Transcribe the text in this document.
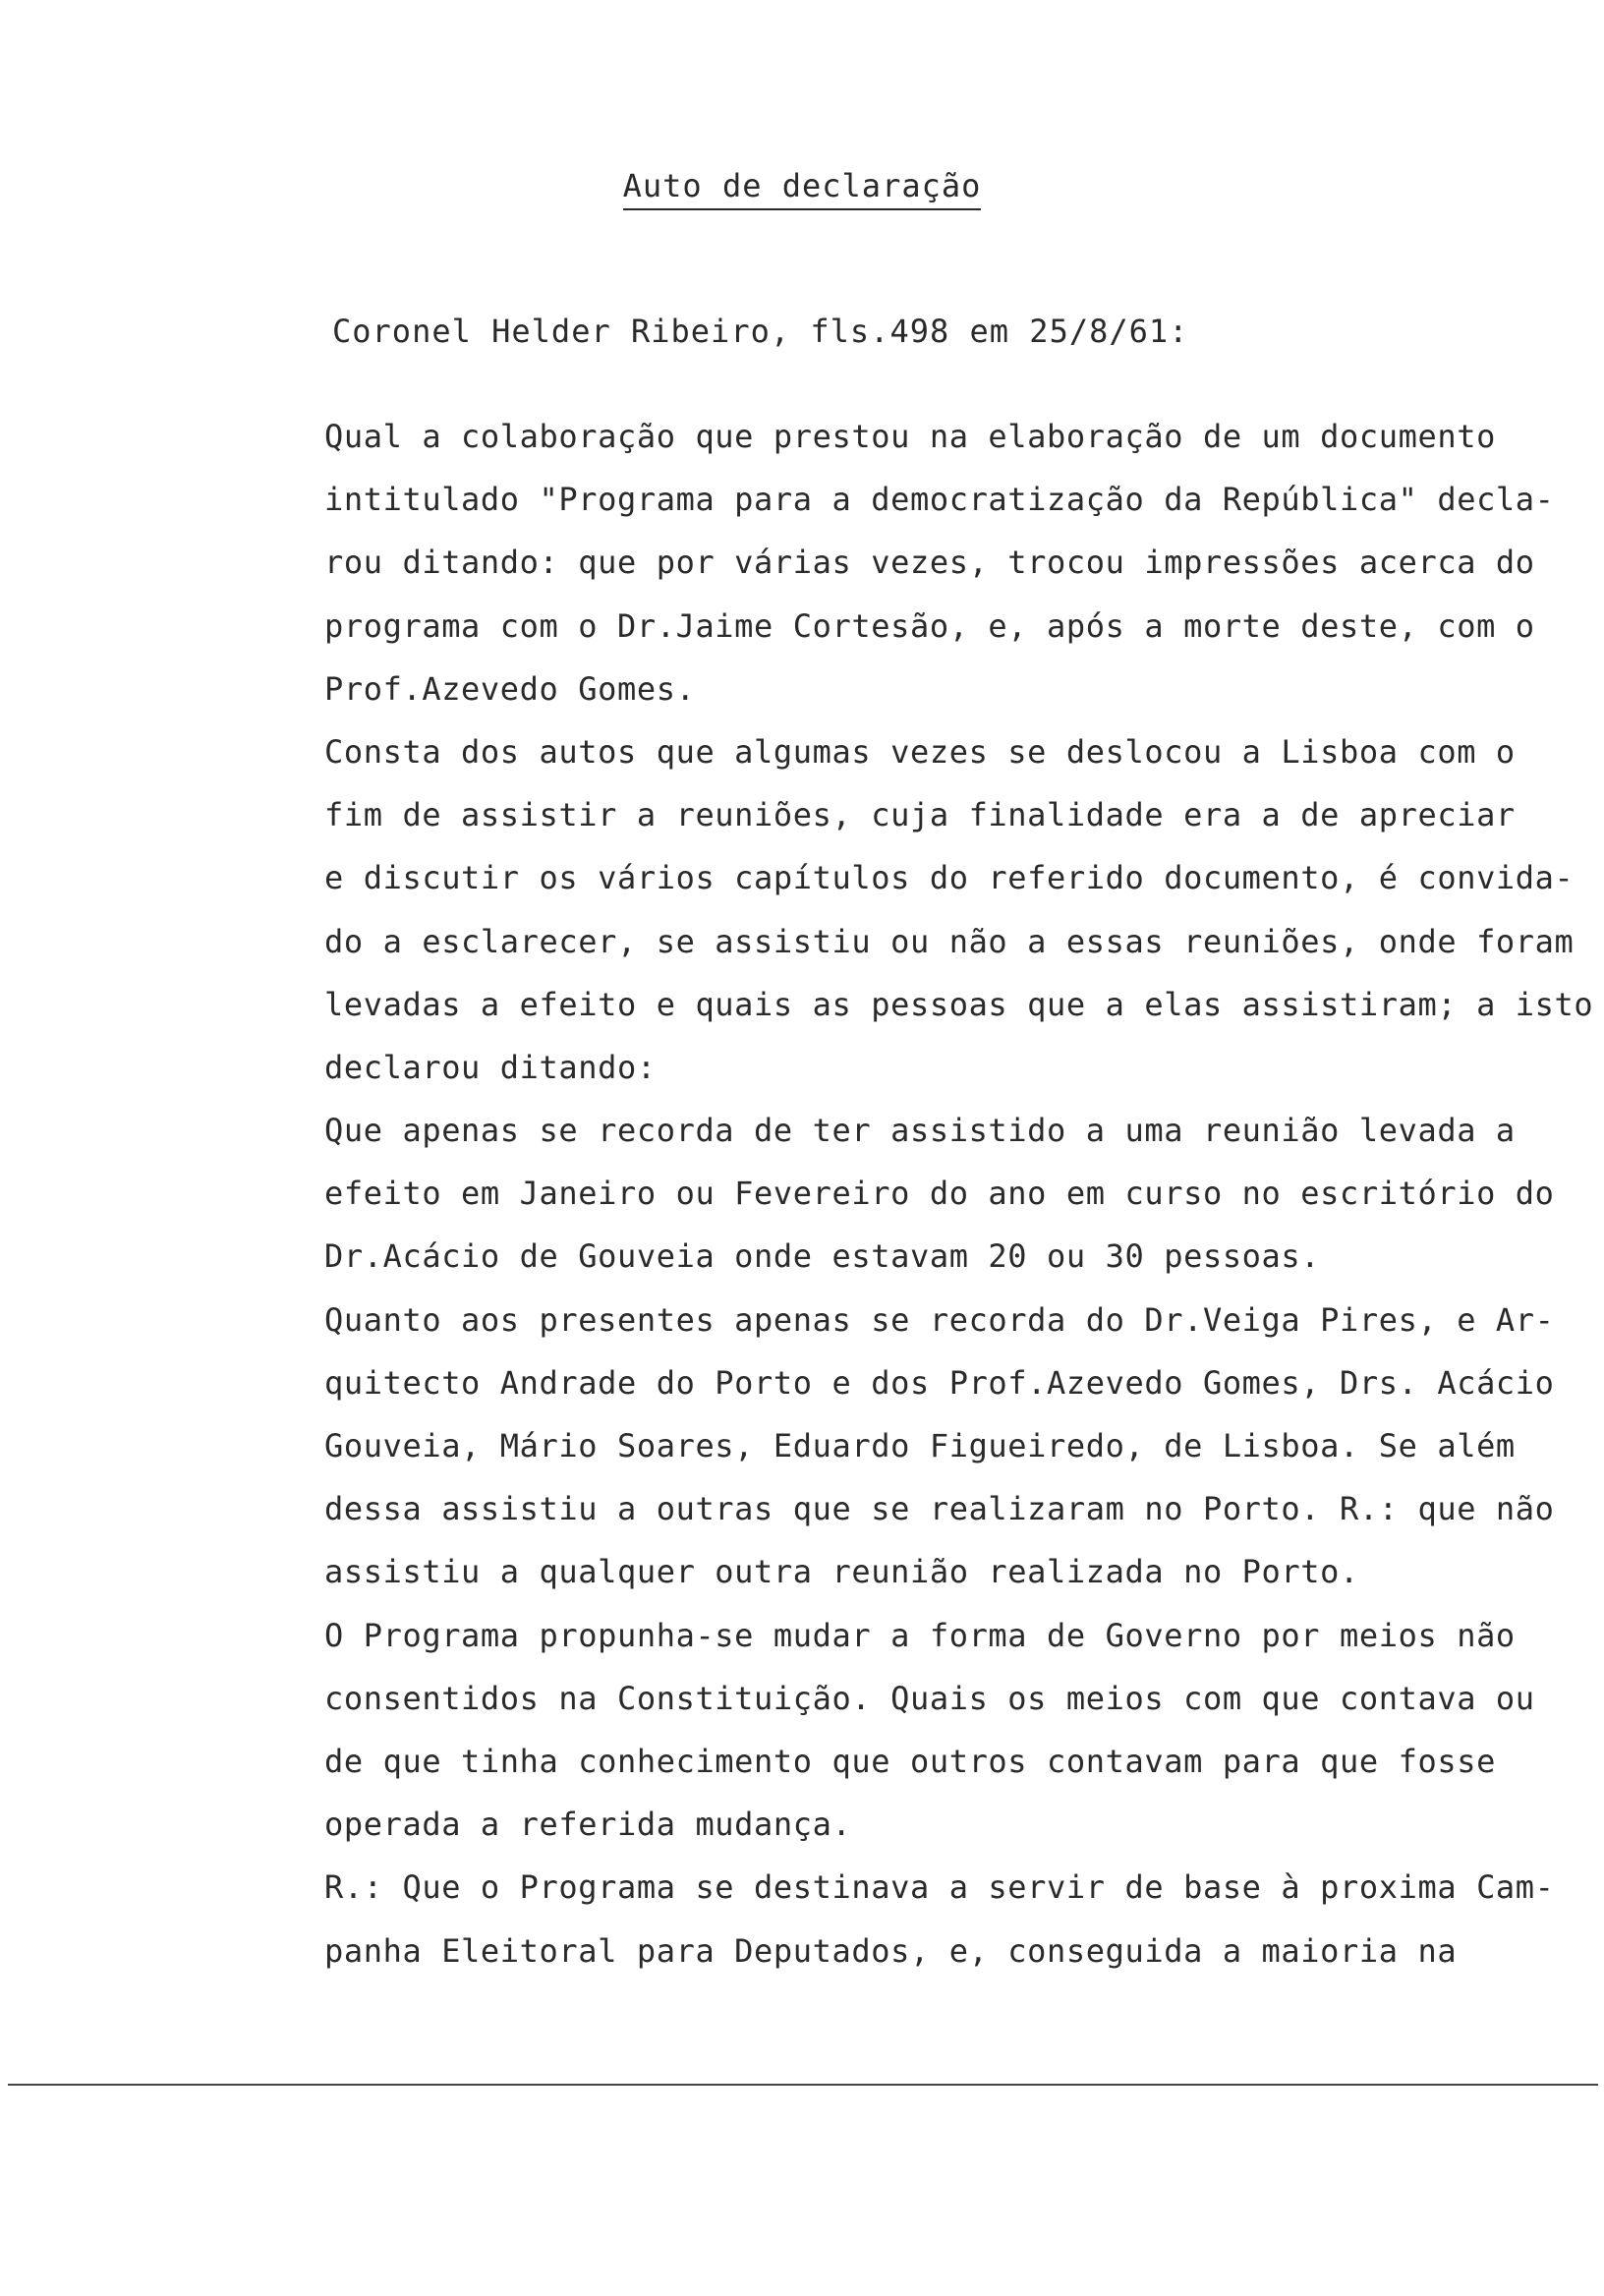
Auto de declaração
Coronel Helder Ribeiro, fls.498 em 25/8/61:
Qual a colaboração que prestou na elaboração de um documento
intitulado "Programa para a democratização da República" decla-
rou ditando: que por várias vezes, trocou impressões acerca do
programa com o Dr.Jaime Cortesão, e, após a morte deste, com o
Prof.Azevedo Gomes.
Consta dos autos que algumas vezes se deslocou a Lisboa com o
fim de assistir a reuniões, cuja finalidade era a de apreciar
e discutir os vários capítulos do referido documento, é convida-
do a esclarecer, se assistiu ou não a essas reuniões, onde foram
levadas a efeito e quais as pessoas que a elas assistiram; a isto
declarou ditando:
Que apenas se recorda de ter assistido a uma reunião levada a
efeito em Janeiro ou Fevereiro do ano em curso no escritório do
Dr.Acácio de Gouveia onde estavam 20 ou 30 pessoas.
Quanto aos presentes apenas se recorda do Dr.Veiga Pires, e Ar-
quitecto Andrade do Porto e dos Prof.Azevedo Gomes, Drs. Acácio
Gouveia, Mário Soares, Eduardo Figueiredo, de Lisboa. Se além
dessa assistiu a outras que se realizaram no Porto. R.: que não
assistiu a qualquer outra reunião realizada no Porto.
O Programa propunha-se mudar a forma de Governo por meios não
consentidos na Constituição. Quais os meios com que contava ou
de que tinha conhecimento que outros contavam para que fosse
operada a referida mudança.
R.: Que o Programa se destinava a servir de base à proxima Cam-
panha Eleitoral para Deputados, e, conseguida a maioria na
